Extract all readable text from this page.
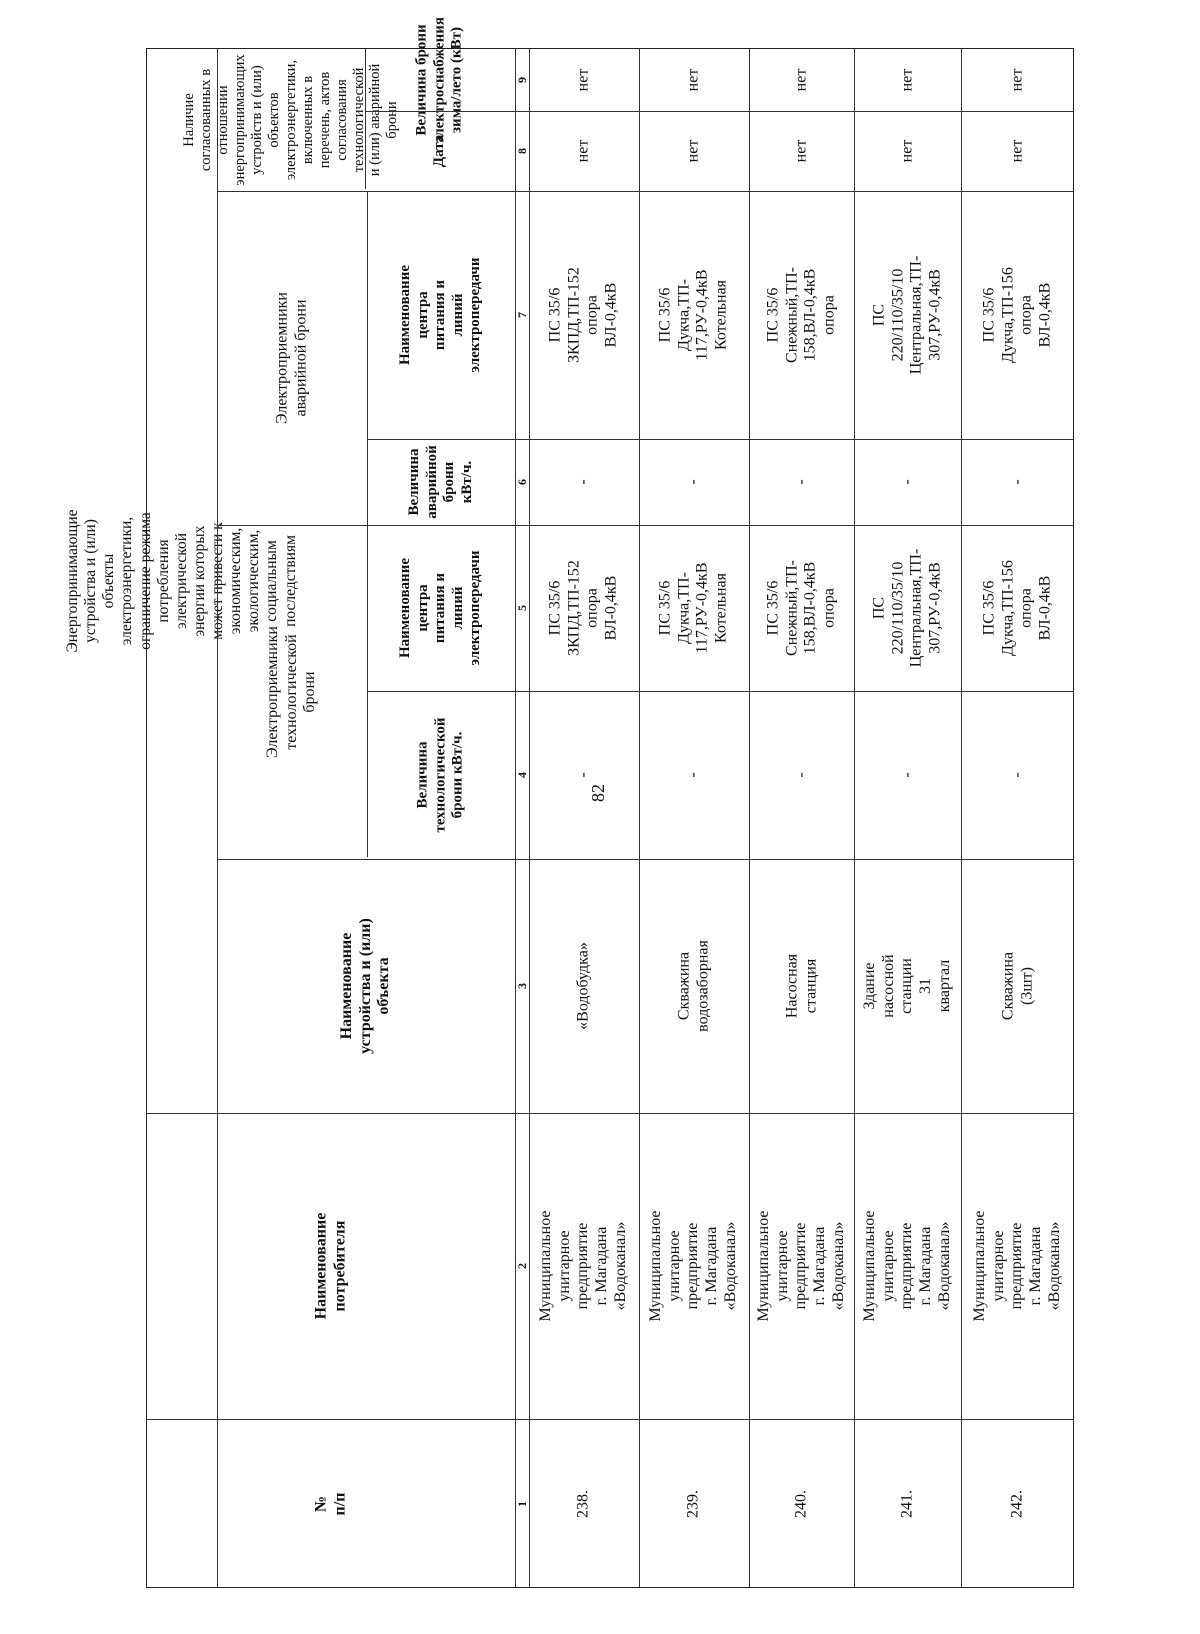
82
№
п/п
Наименование
потребителя
Наименование
устройства и (или)
объекта
Энергопринимающие устройства и (или) объекты электроэнергетики, ограничение режима потребления
электрической энергии которых может привести к экономическим, экологическим, социальным последствиям
Электроприемники
технологической брони
Величина
технологической
брони кВт/ч.
Наименование центра
питания и линий
электропередачи
Электроприемники
аварийной брони
Величина
аварийной
брони
кВт/ч.
Наименование центра
питания и линий
электропередачи
Наличие согласованных в
отношении энергопринимающих
устройств и (или) объектов
электроэнергетики,
включенных в перечень, актов
согласования технологической
и (или) аварийной брони
Дата
Величина брони
электроснабжения
зима/лето (кВт)
1
2
3
4
5
6
7
8
9
238.
Муниципальное
унитарное предприятие
г. Магадана
«Водоканал»
«Водобудка»
-
ПС 35/6 ЗКПД,ТП-152
опора ВЛ-0,4кВ
-
ПС 35/6 ЗКПД,ТП-152
опора ВЛ-0,4кВ
нет
нет
239.
Муниципальное
унитарное предприятие
г. Магадана
«Водоканал»
Скважина водозаборная
-
ПС 35/6 Дукча,ТП-
117,РУ-0,4кВ Котельная
-
ПС 35/6 Дукча,ТП-
117,РУ-0,4кВ Котельная
нет
нет
240.
Муниципальное
унитарное предприятие
г. Магадана
«Водоканал»
Насосная станция
-
ПС 35/6 Снежный,ТП-
158,ВЛ-0,4кВ опора
-
ПС 35/6 Снежный,ТП-
158,ВЛ-0,4кВ опора
нет
нет
241.
Муниципальное
унитарное предприятие
г. Магадана
«Водоканал»
Здание насосной
станции 31 квартал
-
ПС 220/110/35/10
Центральная,ТП-
307,РУ-0,4кВ
-
ПС 220/110/35/10
Центральная,ТП-
307,РУ-0,4кВ
нет
нет
242.
Муниципальное
унитарное предприятие
г. Магадана
«Водоканал»
Скважина (3шт)
-
ПС 35/6 Дукча,ТП-156
опора ВЛ-0,4кВ
-
ПС 35/6 Дукча,ТП-156
опора ВЛ-0,4кВ
нет
нет
